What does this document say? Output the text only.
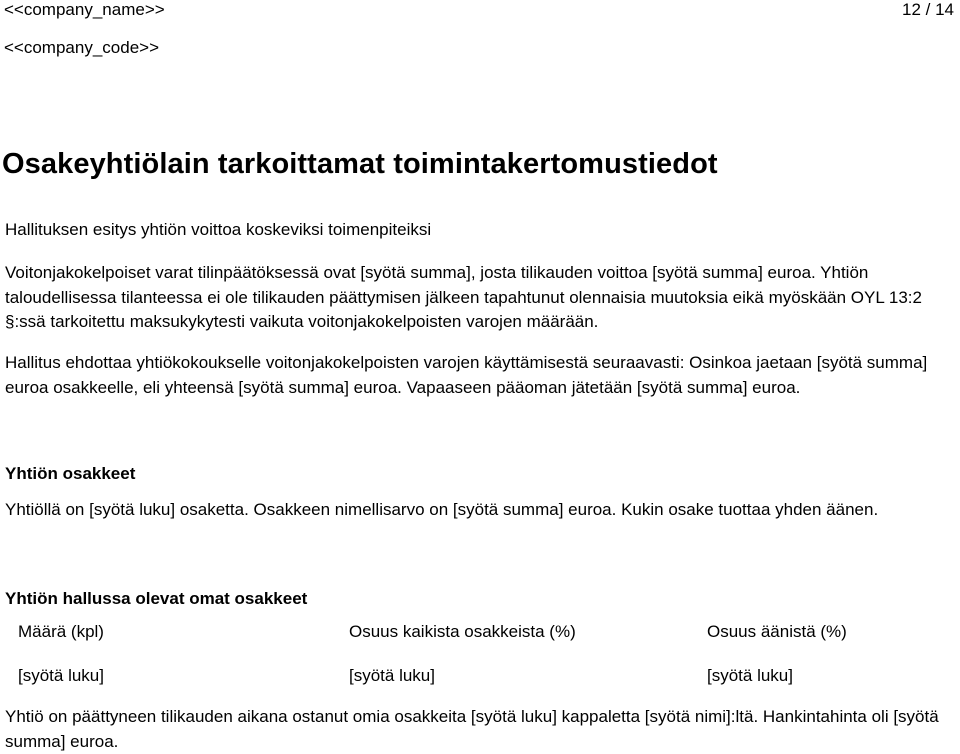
<<company_name>>	12 / 14
<<company_code>>
Osakeyhtiölain tarkoittamat toimintakertomustiedot
Hallituksen esitys yhtiön voittoa koskeviksi toimenpiteiksi

Voitonjakokelpoiset varat tilinpäätöksessä ovat [syötä summa], josta tilikauden voittoa [syötä summa] euroa. Yhtiön taloudellisessa tilanteessa ei ole tilikauden päättymisen jälkeen tapahtunut olennaisia muutoksia eikä myöskään OYL 13:2 §:ssä tarkoitettu maksukykytesti vaikuta voitonjakokelpoisten varojen määrään.

Hallitus ehdottaa yhtiökokoukselle voitonjakokelpoisten varojen käyttämisestä seuraavasti: Osinkoa jaetaan [syötä summa] euroa osakkeelle, eli yhteensä [syötä summa] euroa. Vapaaseen pääoman jätetään [syötä summa] euroa.

Yhtiön osakkeet

Yhtiöllä on [syötä luku] osaketta. Osakkeen nimellisarvo on [syötä summa] euroa. Kukin osake tuottaa yhden äänen.

Yhtiön hallussa olevat omat osakkeet
Määrä (kpl)	Osuus kaikista osakkeista (%)	Osuus äänistä (%)
[syötä luku]	[syötä luku]	[syötä luku]

Yhtiö on päättyneen tilikauden aikana ostanut omia osakkeita [syötä luku] kappaletta [syötä nimi]:ltä. Hankintahinta oli [syötä summa] euroa.
